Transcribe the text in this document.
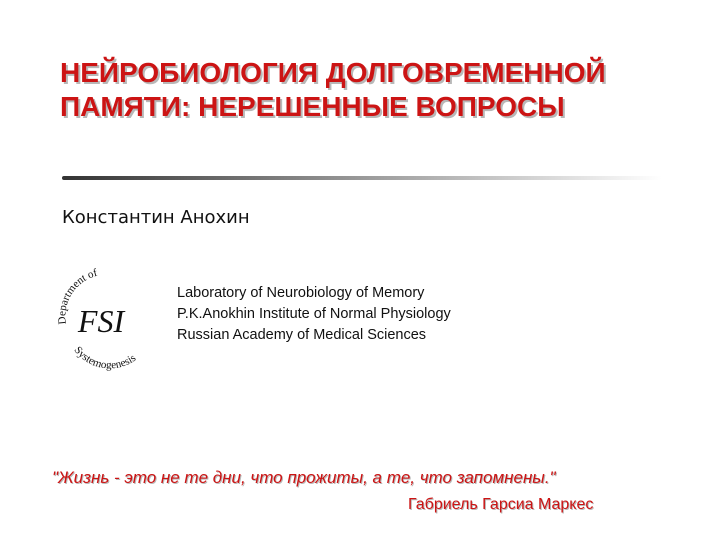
НЕЙРОБИОЛОГИЯ ДОЛГОВРЕМЕННОЙ
ПАМЯТИ: НЕРЕШЕННЫЕ ВОПРОСЫ
Константин Анохин
Department of
Systemogenesis
FSI
Laboratory of Neurobiology of Memory
P.K.Anokhin Institute of Normal Physiology
Russian Academy of Medical Sciences
"Жизнь - это не те дни, что прожиты, а те, что запомнены."
Габриель Гарсиа Маркес
